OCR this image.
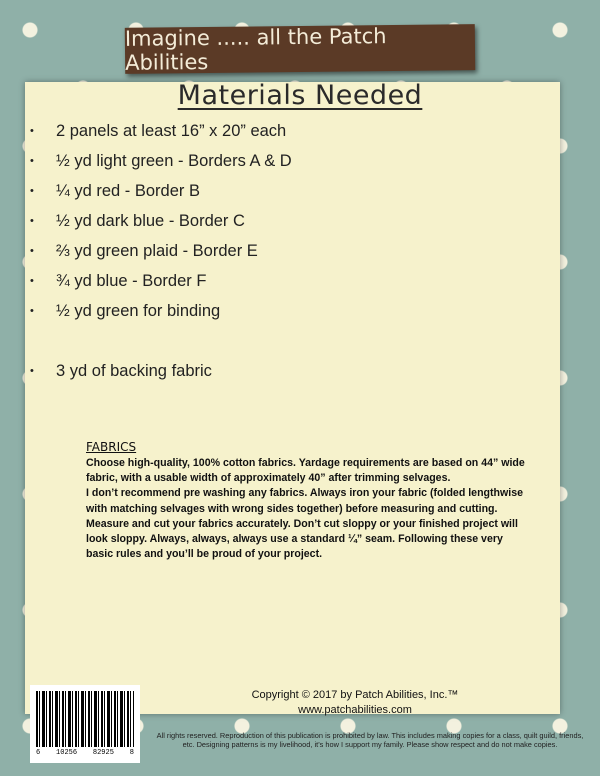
Imagine ..... all the Patch Abilities
Materials Needed
•	2 panels at least 16” x 20” each
•	½ yd light green - Borders A & D
•	¼ yd red - Border B
•	½ yd dark blue - Border C
•	⅔ yd green plaid - Border E
•	¾ yd blue - Border F
•	½ yd green for binding
•	3 yd of backing fabric
FABRICS

Choose high-quality, 100% cotton fabrics. Yardage requirements are based on 44” wide fabric, with a usable width of approximately 40” after trimming selvages.

I don’t recommend pre washing any fabrics. Always iron your fabric (folded lengthwise with matching selvages with wrong sides together) before measuring and cutting.

Measure and cut your fabrics accurately. Don’t cut sloppy or your finished project will look sloppy. Always, always, always use a standard ¼” seam. Following these very basic rules and you’ll be proud of your project.

6 10256 82925 8
Copyright © 2017 by Patch Abilities, Inc.™
www.patchabilities.com
All rights reserved. Reproduction of this publication is prohibited by law. This includes making copies for a class, quilt guild, friends, etc. Designing patterns is my livelihood, it’s how I support my family. Please show respect and do not make copies.
